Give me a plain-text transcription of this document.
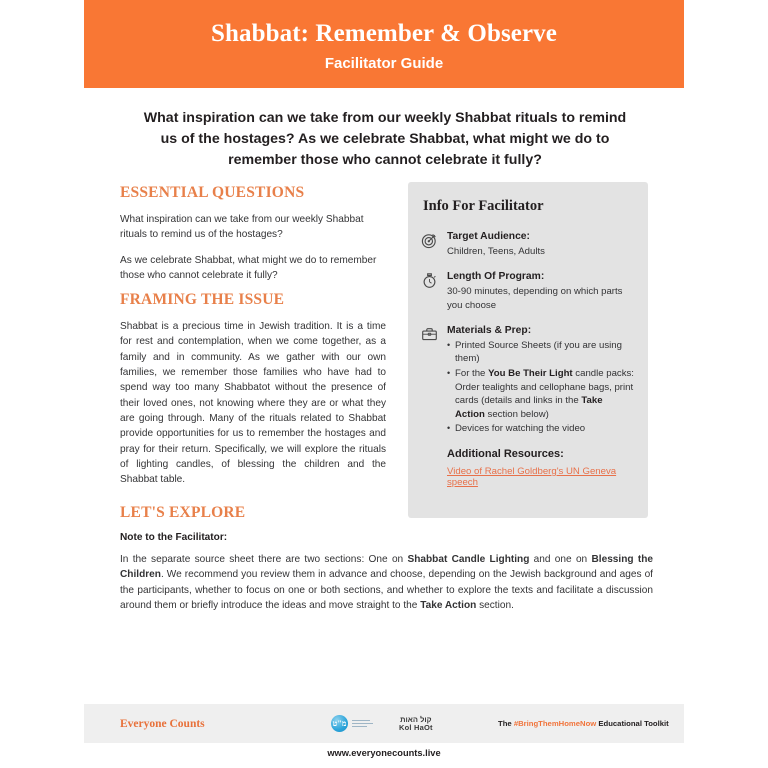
Shabbat: Remember & Observe
Facilitator Guide
What inspiration can we take from our weekly Shabbat rituals to remind us of the hostages? As we celebrate Shabbat, what might we do to remember those who cannot celebrate it fully?
ESSENTIAL QUESTIONS

What inspiration can we take from our weekly Shabbat rituals to remind us of the hostages?

As we celebrate Shabbat, what might we do to remember those who cannot celebrate it fully?

FRAMING THE ISSUE

Shabbat is a precious time in Jewish tradition. It is a time for rest and contemplation, when we come together, as a family and in community. As we gather with our own families, we remember those families who have had to spend way too many Shabbatot without the presence of their loved ones, not knowing where they are or what they are going through. Many of the rituals related to Shabbat provide opportunities for us to remember the hostages and pray for their return. Specifically, we will explore the rituals of lighting candles, of blessing the children and the Shabbat table.

Info For Facilitator
Target Audience:

Children, Teens, Adults

Length Of Program:

30-90 minutes, depending on which parts you choose

Materials & Prep:
• Printed Source Sheets (if you are using them)
• For the You Be Their Light candle packs: Order tealights and cellophane bags, print cards (details and links in the Take Action section below)
• Devices for watching the video
Additional Resources:
Video of Rachel Goldberg's UN Geneva speech
LET'S EXPLORE
Note to the Facilitator:

In the separate source sheet there are two sections: One on Shabbat Candle Lighting and one on Blessing the Children. We recommend you review them in advance and choose, depending on the Jewish background and ages of the participants, whether to focus on one or both sections, and whether to explore the texts and facilitate a discussion around them or briefly introduce the ideas and move straight to the Take Action section.

Everyone Counts	מ"ט	קול האות
Kol HaOt	The #BringThemHomeNow Educational Toolkit
www.everyonecounts.live
